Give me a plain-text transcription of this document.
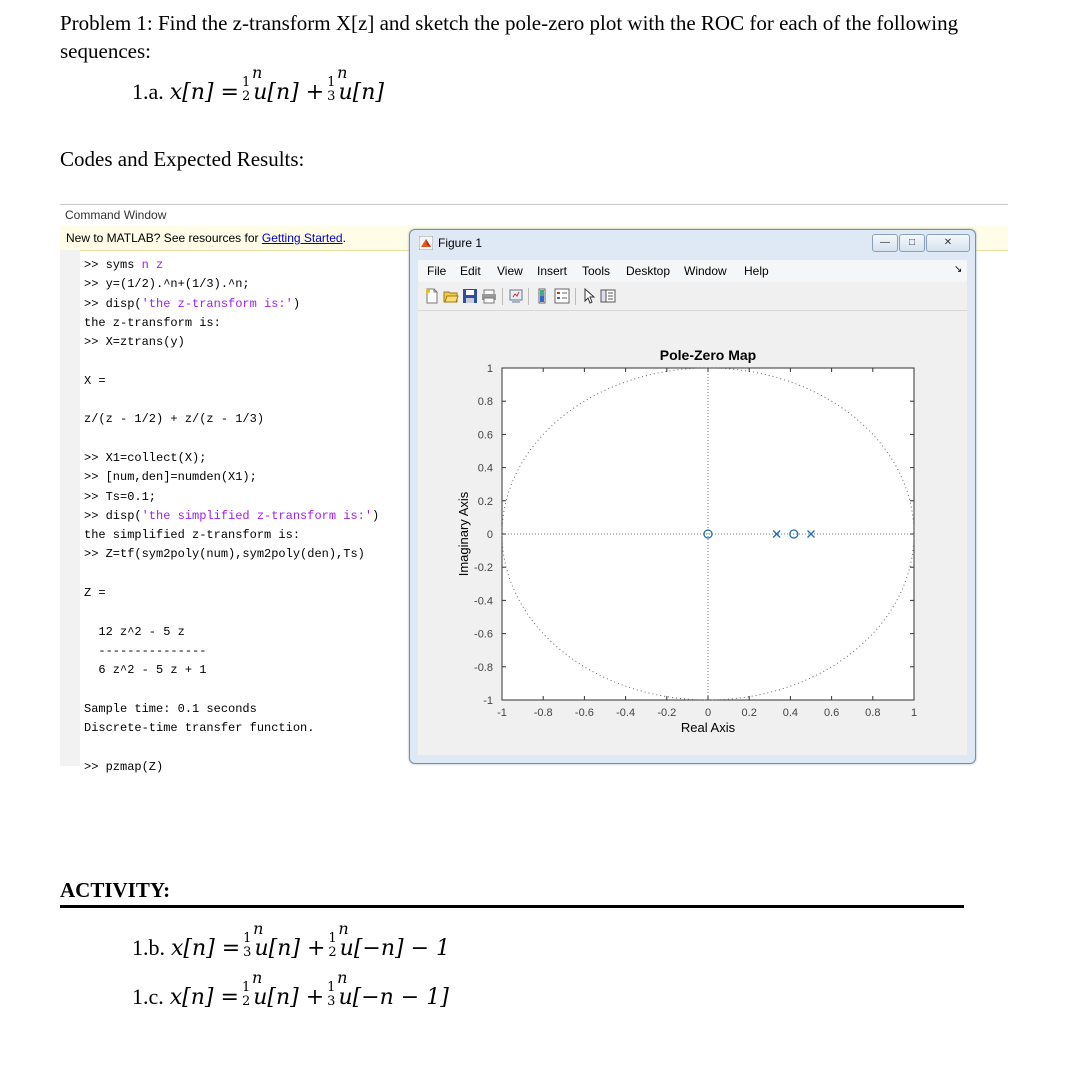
Problem 1: Find the z-transform X[z] and sketch the pole-zero plot with the ROC for each of the following
sequences:
1.a. x[n] = 1
n
2 u[n] + 1
n
3 u[n]
Codes and Expected Results:
Command Window
New to MATLAB? See resources for Getting Started.
>> syms n z
>> y=(1/2).^n+(1/3).^n;
>> disp('the z-transform is:')
the z-transform is:
>> X=ztrans(y)
X =
z/(z - 1/2) + z/(z - 1/3)
>> X1=collect(X);
>> [num,den]=numden(X1);
>> Ts=0.1;
>> disp('the simplified z-transform is:')
the simplified z-transform is:
>> Z=tf(sym2poly(num),sym2poly(den),Ts)
Z =
12 z^2 - 5 z
---------------
6 z^2 - 5 z + 1
Sample time: 0.1 seconds
Discrete-time transfer function.
>> pzmap(Z)
Figure 1	—	□	✕
File Edit View Insert Tools Desktop Window Help	↘
-1 -0.8 -0.6 -0.4 -0.2	0	0.2 0.4 0.6 0.8	1
1
0.8
0.6
0.4
0.2
0
-0.2
-0.4
-0.6
-0.8
-1
Pole-Zero Map
Real Axis
Imaginary Axis
ACTIVITY:
1.b. x[n] = 1
n
3 u[n] + 1
n
2 u[−n] − 1
1.c. x[n] = 1
n
2 u[n] + 1
n
3 u[−n − 1]
